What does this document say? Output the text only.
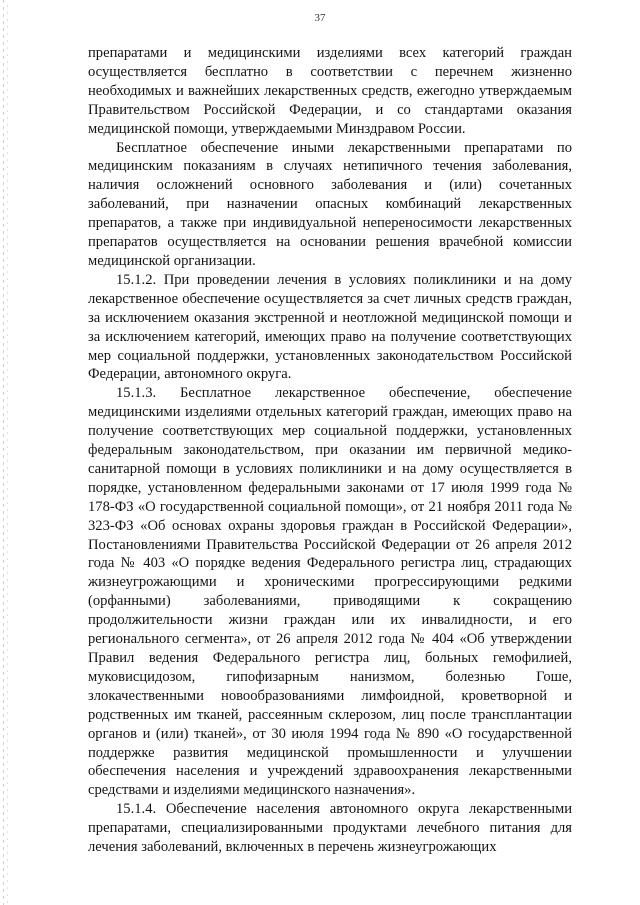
37

препаратами и медицинскими изделиями всех категорий граждан осуществляется бесплатно в соответствии с перечнем жизненно необходимых и важнейших лекарственных средств, ежегодно утверждаемым Правительством Российской Федерации, и со стандартами оказания медицинской помощи, утверждаемыми Минздравом России.

Бесплатное обеспечение иными лекарственными препаратами по медицинским показаниям в случаях нетипичного течения заболевания, наличия осложнений основного заболевания и (или) сочетанных заболеваний, при назначении опасных комбинаций лекарственных препаратов, а также при индивидуальной непереносимости лекарственных препаратов осуществляется на основании решения врачебной комиссии медицинской организации.

15.1.2. При проведении лечения в условиях поликлиники и на дому лекарственное обеспечение осуществляется за счет личных средств граждан, за исключением оказания экстренной и неотложной медицинской помощи и за исключением категорий, имеющих право на получение соответствующих мер социальной поддержки, установленных законодательством Российской Федерации, автономного округа.

15.1.3. Бесплатное лекарственное обеспечение, обеспечение медицинскими изделиями отдельных категорий граждан, имеющих право на получение соответствующих мер социальной поддержки, установленных федеральным законодательством, при оказании им первичной медико-санитарной помощи в условиях поликлиники и на дому осуществляется в порядке, установленном федеральными законами от 17 июля 1999 года № 178-ФЗ «О государственной социальной помощи», от 21 ноября 2011 года № 323-ФЗ «Об основах охраны здоровья граждан в Российской Федерации», Постановлениями Правительства Российской Федерации от 26 апреля 2012 года № 403 «О порядке ведения Федерального регистра лиц, страдающих жизнеугрожающими и хроническими прогрессирующими редкими (орфанными) заболеваниями, приводящими к сокращению продолжительности жизни граждан или их инвалидности, и его регионального сегмента», от 26 апреля 2012 года № 404 «Об утверждении Правил ведения Федерального регистра лиц, больных гемофилией, муковисцидозом, гипофизарным нанизмом, болезнью Гоше, злокачественными новообразованиями лимфоидной, кроветворной и родственных им тканей, рассеянным склерозом, лиц после трансплантации органов и (или) тканей», от 30 июля 1994 года № 890 «О государственной поддержке развития медицинской промышленности и улучшении обеспечения населения и учреждений здравоохранения лекарственными средствами и изделиями медицинского назначения».

15.1.4. Обеспечение населения автономного округа лекарственными препаратами, специализированными продуктами лечебного питания для лечения заболеваний, включенных в перечень жизнеугрожающих
